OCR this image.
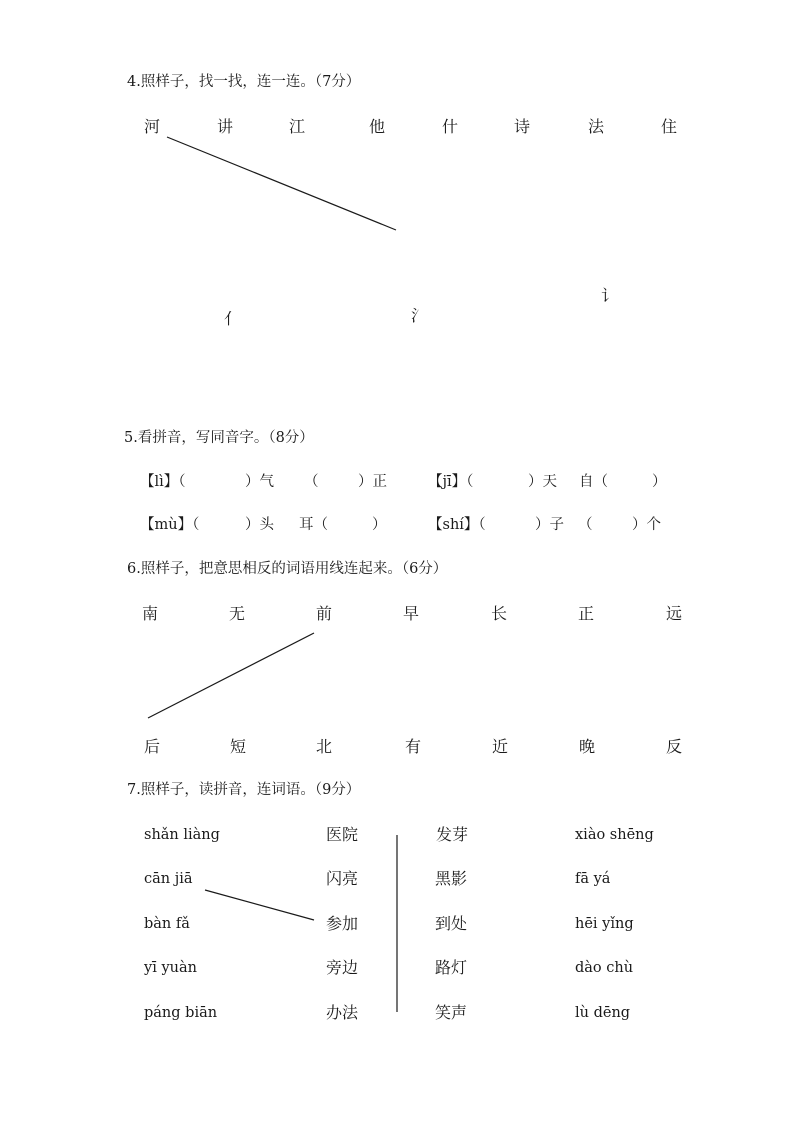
4.照样子，找一找，连一连。（7分）
河	讲	江	他	什	诗	法	住
亻	氵
讠
5.看拼音，写同音字。（8分）
【lì】（	）气 （	）正	【jī】（	）天 自（	）
【mù】（	）头 耳（	）	【shí】（	）子 （	）个
6.照样子，把意思相反的词语用线连起来。（6分）
南	无	前	早	长	正	远
后	短	北	有	近	晚	反
7.照样子，读拼音，连词语。（9分）
shǎn liàng
cān jiā
bàn fǎ
yī yuàn
páng biān
医院
闪亮
参加
旁边
办法
发芽
黑影
到处
路灯
笑声
xiào shēng
fā yá
hēi yǐng
dào chù
lù dēng
